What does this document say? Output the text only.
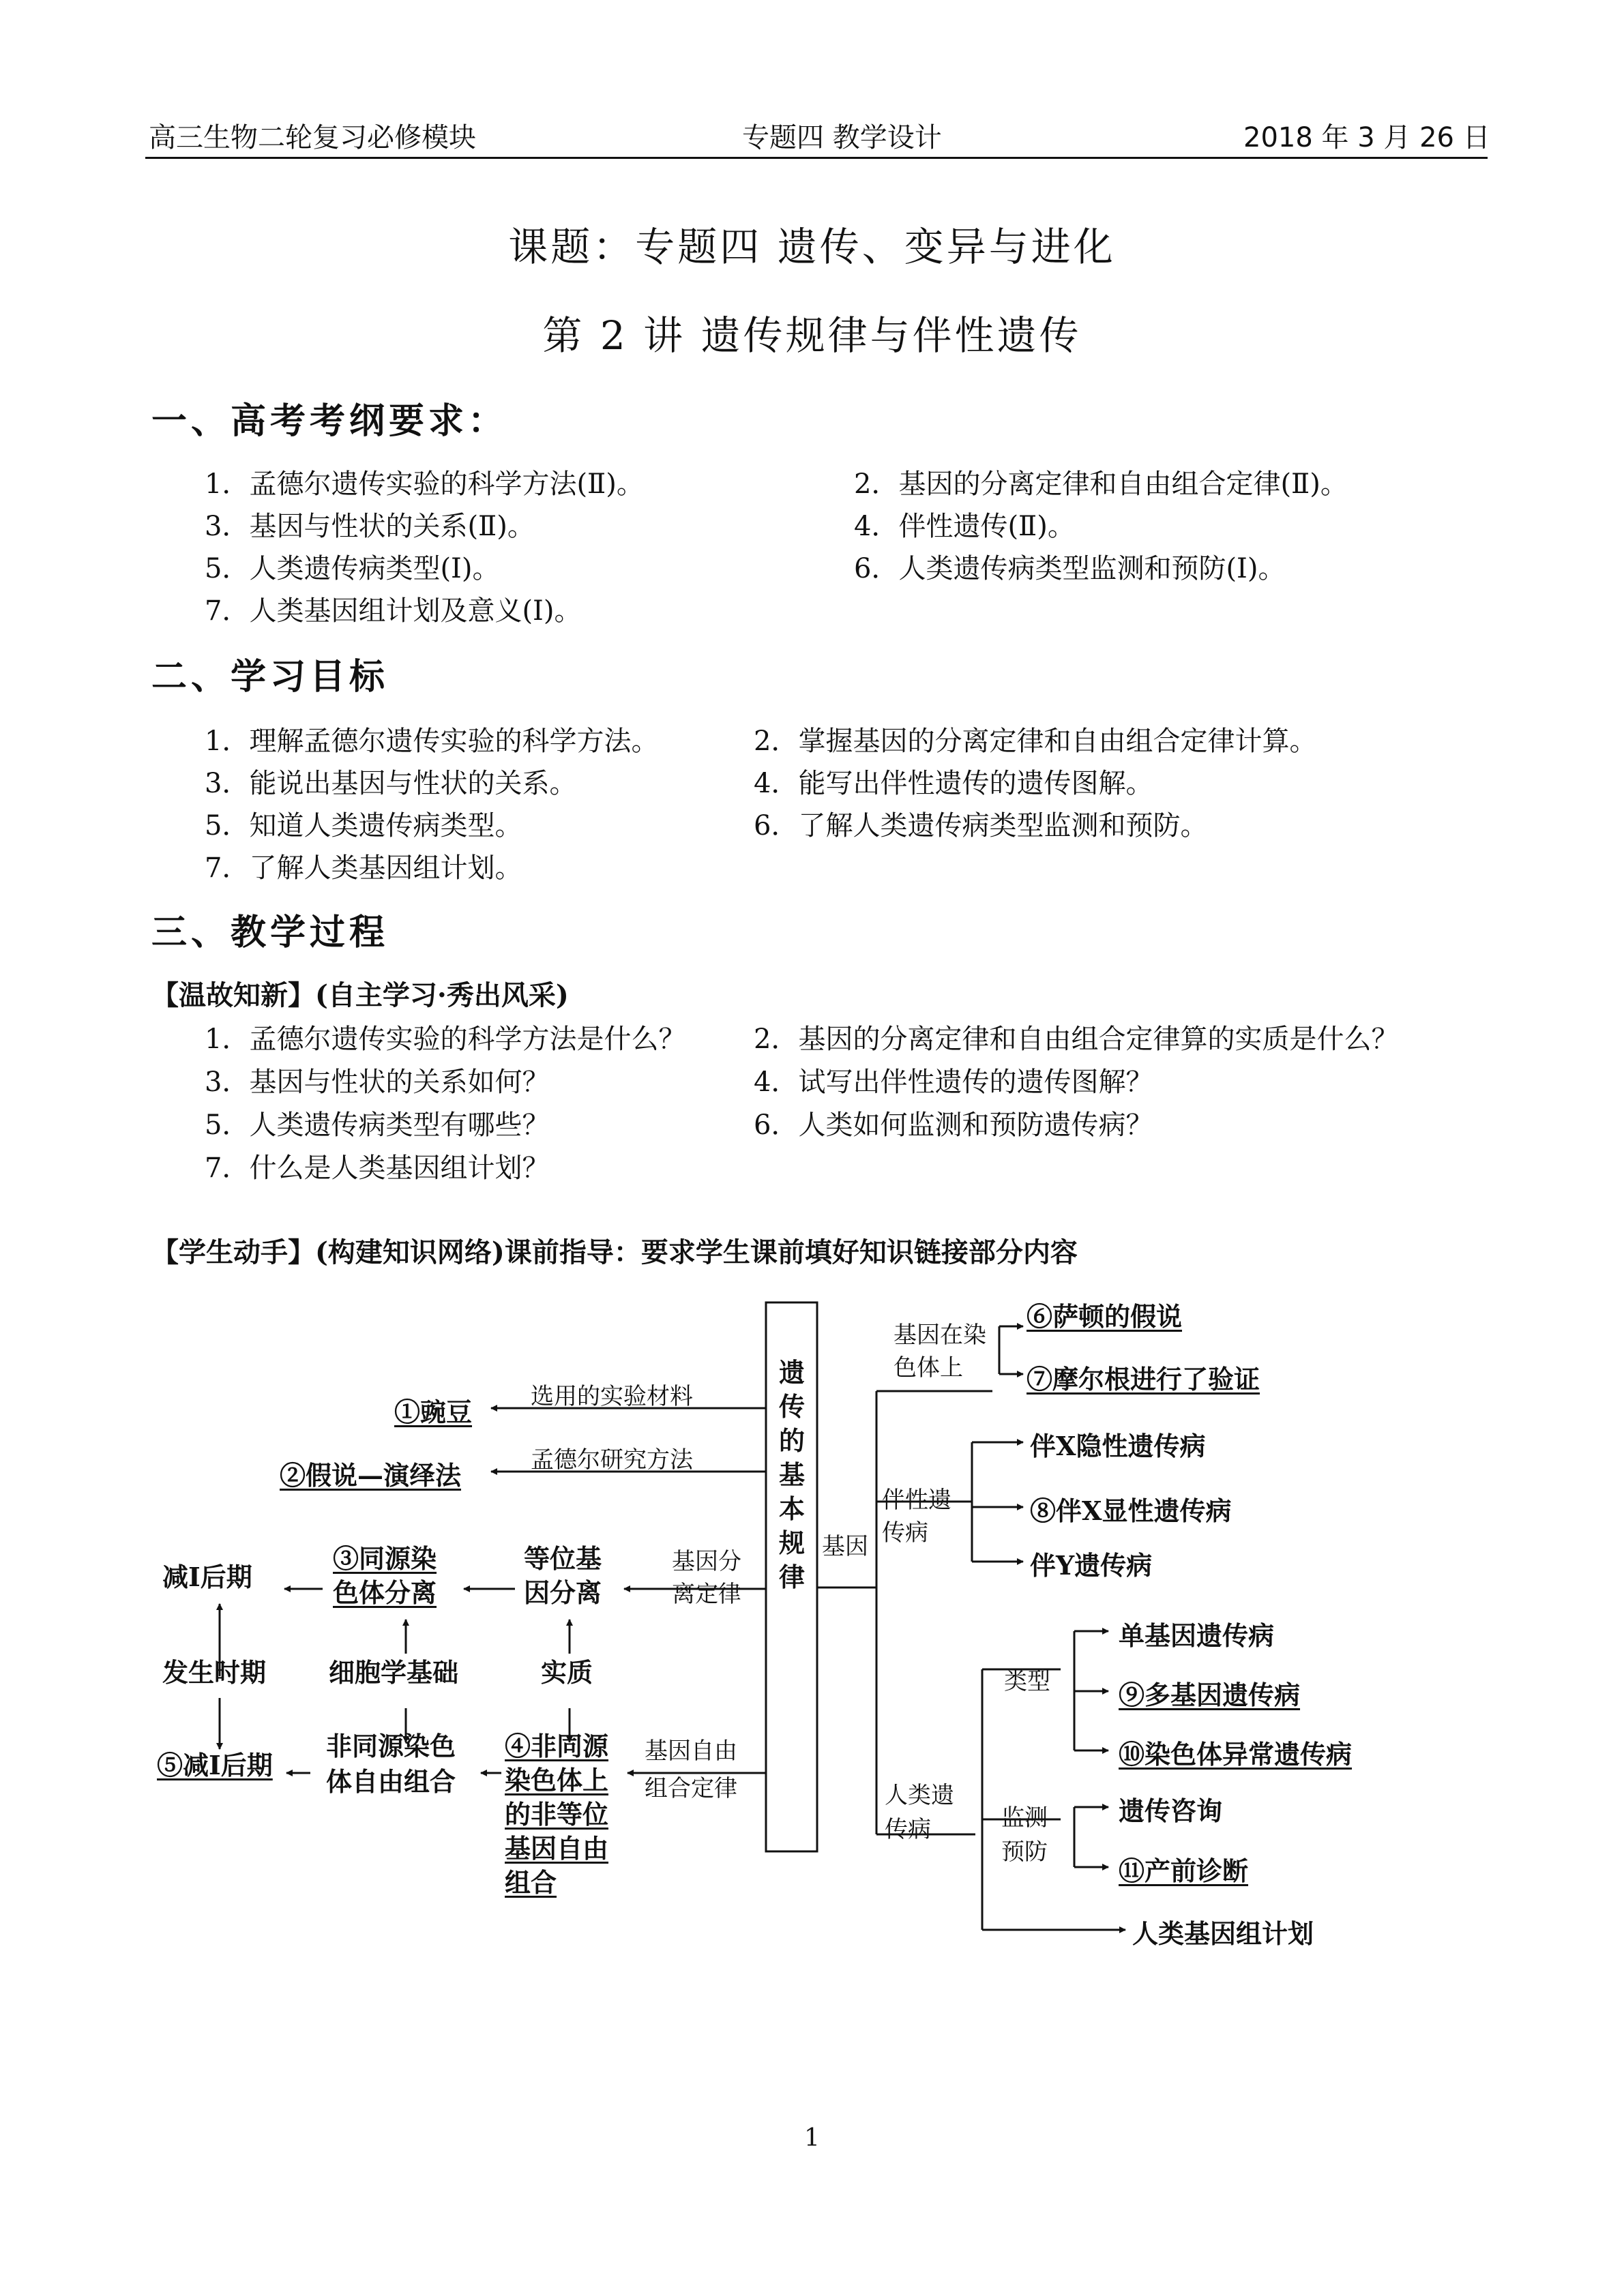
高三生物二轮复习必修模块	专题四 教学设计	2018 年 3 月 26 日
课题：专题四 遗传、变异与进化
第 2 讲 遗传规律与伴性遗传
一、高考考纲要求：
1．孟德尔遗传实验的科学方法(Ⅱ)。	2．基因的分离定律和自由组合定律(Ⅱ)。
3．基因与性状的关系(Ⅱ)。	4．伴性遗传(Ⅱ)。
5．人类遗传病类型(Ⅰ)。	6．人类遗传病类型监测和预防(Ⅰ)。
7．人类基因组计划及意义(Ⅰ)。
二、学习目标
1．理解孟德尔遗传实验的科学方法。	2．掌握基因的分离定律和自由组合定律计算。
3．能说出基因与性状的关系。	4．能写出伴性遗传的遗传图解。
5．知道人类遗传病类型。	6．了解人类遗传病类型监测和预防。
7．了解人类基因组计划。
三、教学过程
【温故知新】(自主学习·秀出风采)
1．孟德尔遗传实验的科学方法是什么？ 2．基因的分离定律和自由组合定律算的实质是什么？
3．基因与性状的关系如何？	4．试写出伴性遗传的遗传图解？
5．人类遗传病类型有哪些？	6．人类如何监测和预防遗传病？
7．什么是人类基因组计划？
【学生动手】(构建知识网络)课前指导：要求学生课前填好知识链接部分内容
遗
传
的
基
本
规
律
选用的实验材料
①豌豆
孟德尔研究方法
②假说—演绎法
基因分
离定律
等位基
因分离
③同源染
色体分离
减Ⅰ后期
发生时期 细胞学基础	实质
基因自由
组合定律
④非同源
染色体上
的非等位
基因自由
组合
非同源染色
体自由组合
⑤减Ⅰ后期
基因
基因在染
色体上
⑥萨顿的假说
⑦摩尔根进行了验证
伴性遗
传病
伴X隐性遗传病
⑧伴X显性遗传病
伴Y遗传病
人类遗
传病
类型
监测
预防
单基因遗传病
⑨多基因遗传病
⑩染色体异常遗传病
遗传咨询
⑪产前诊断
人类基因组计划
1
